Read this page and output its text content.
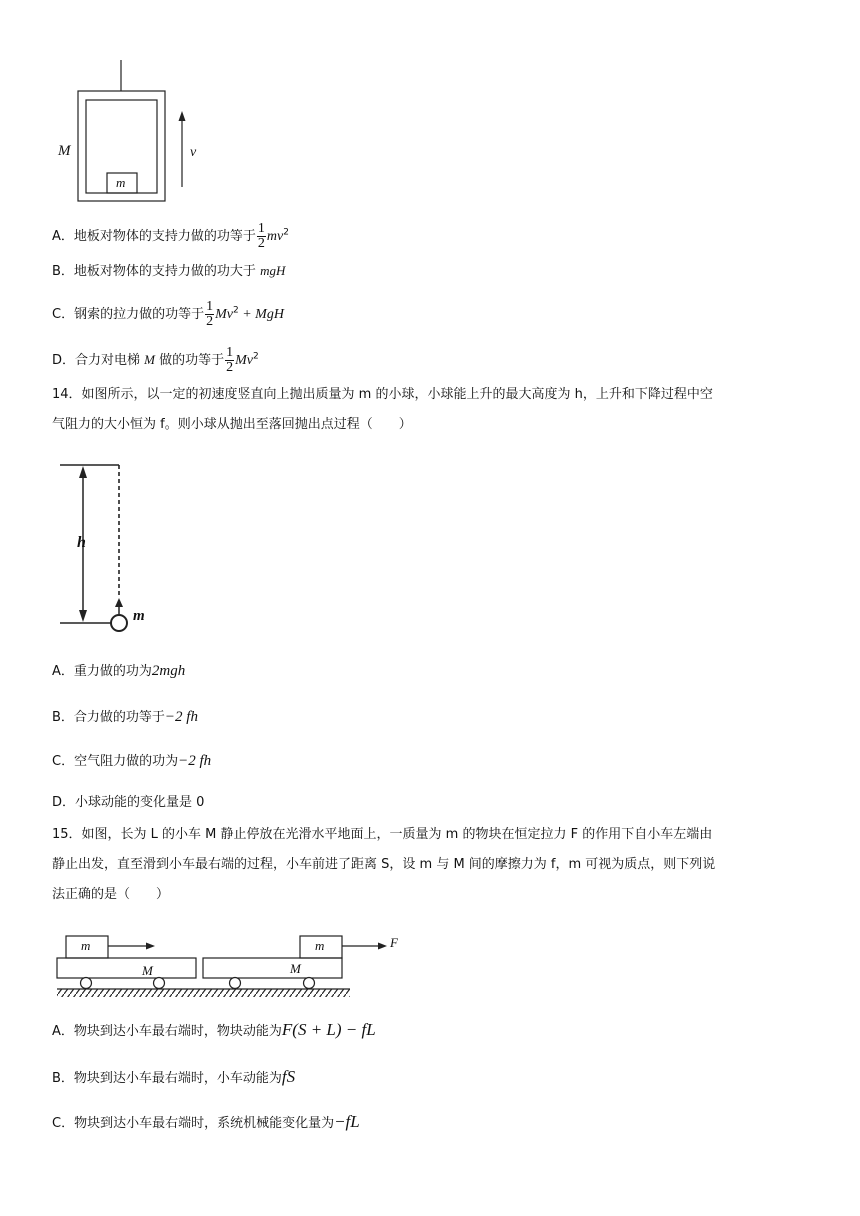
M
m
v
A．地板对物体的支持力做的功等于 $\frac{1}{2} mv^2$
B．地板对物体的支持力做的功大于 mgH
C．钢索的拉力做的功等于 $\frac{1}{2} Mv^2$ + MgH
D．合力对电梯 M 做的功等于 $\frac{1}{2} Mv^2$
14．如图所示，以一定的初速度竖直向上抛出质量为 m 的小球，小球能上升的最大高度为 h，上升和下降过程中空
气阻力的大小恒为 f。则小球从抛出至落回抛出点过程（　　）
h
m
A．重力做的功为2mgh
B．合力做的功等于−2 fh
C．空气阻力做的功为−2 fh
D．小球动能的变化量是 0
15．如图，长为 L 的小车 M 静止停放在光滑水平地面上，一质量为 m 的物块在恒定拉力 F 的作用下自小车左端由
静止出发，直至滑到小车最右端的过程，小车前进了距离 S，设 m 与 M 间的摩擦力为 f，m 可视为质点，则下列说
法正确的是（　　）
m
M
m
M
F
A．物块到达小车最右端时，物块动能为F(S + L) − fL
B．物块到达小车最右端时，小车动能为fS
C．物块到达小车最右端时，系统机械能变化量为−fL
